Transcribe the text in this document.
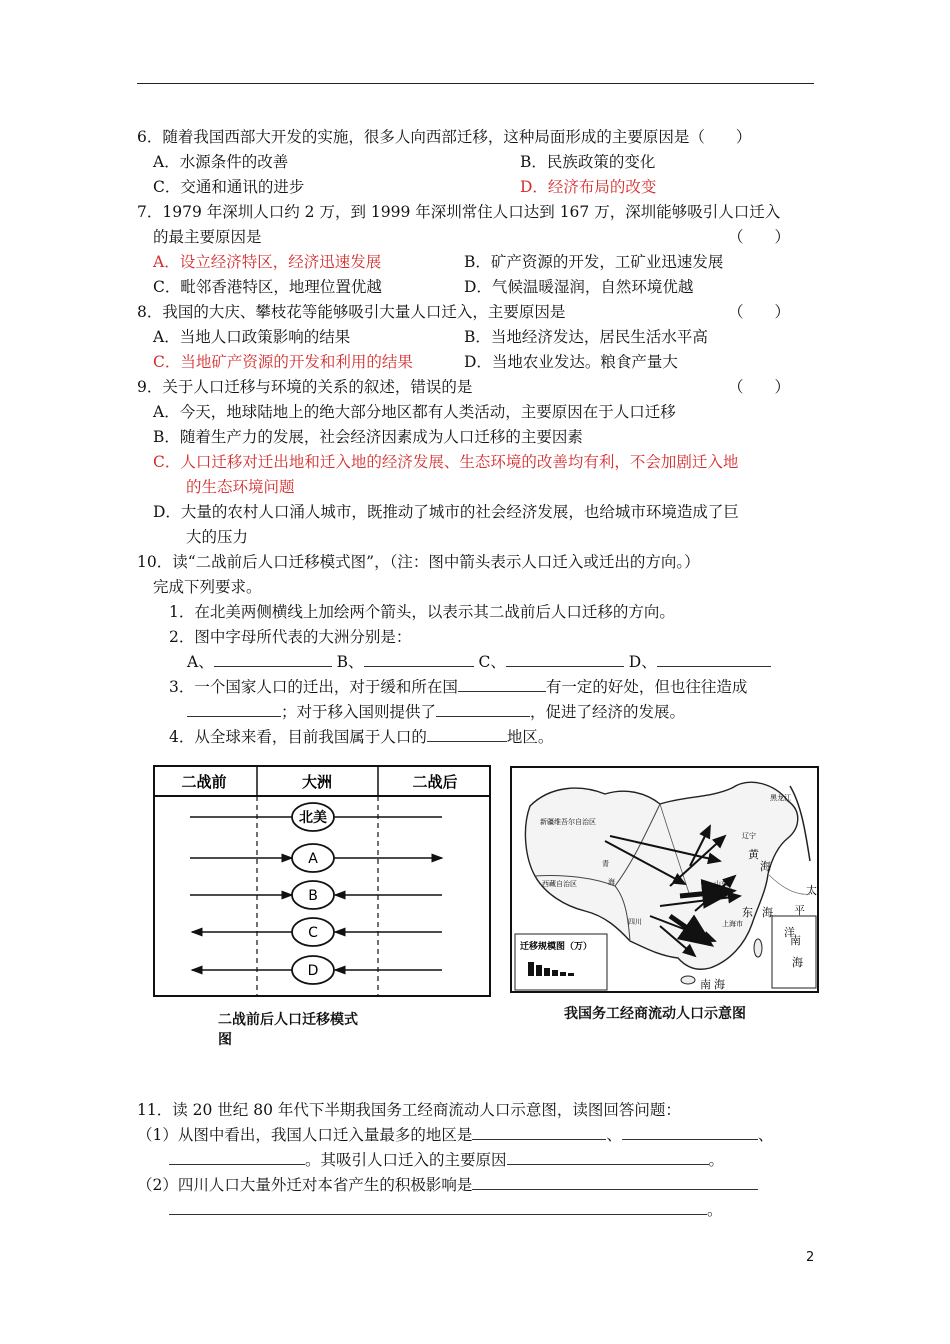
6．随着我国西部大开发的实施，很多人向西部迁移，这种局面形成的主要原因是（　　）
A．水源条件的改善	B．民族政策的变化
C．交通和通讯的进步	D．经济布局的改变
7．1979 年深圳人口约 2 万，到 1999 年深圳常住人口达到 167 万，深圳能够吸引人口迁入
的最主要原因是	（　　）
A．设立经济特区，经济迅速发展	B．矿产资源的开发，工矿业迅速发展
C．毗邻香港特区，地理位置优越	D．气候温暖湿润，自然环境优越
8．我国的大庆、攀枝花等能够吸引大量人口迁入，主要原因是	（　　）
A．当地人口政策影响的结果	B．当地经济发达，居民生活水平高
C．当地矿产资源的开发和利用的结果	D．当地农业发达。粮食产量大
9．关于人口迁移与环境的关系的叙述，错误的是	（　　）
A．今天，地球陆地上的绝大部分地区都有人类活动，主要原因在于人口迁移
B．随着生产力的发展，社会经济因素成为人口迁移的主要因素
C．人口迁移对迁出地和迁入地的经济发展、生态环境的改善均有利，不会加剧迁入地
的生态环境问题
D．大量的农村人口涌人城市，既推动了城市的社会经济发展，也给城市环境造成了巨
大的压力
10．读“二战前后人口迁移模式图”，（注：图中箭头表示人口迁入或迁出的方向。）
完成下列要求。
1．在北美两侧横线上加绘两个箭头，以表示其二战前后人口迁移的方向。
2．图中字母所代表的大洲分别是：
A、	B、	C、	D、
3．一个国家人口的迁出，对于缓和所在国	有一定的好处，但也往往造成
；对于移入国则提供了	，促进了经济的发展。
4．从全球来看，目前我国属于人口的	地区。
二战前	大洲	二战后
北美
A
B
C
D
二战前后人口迁移模式
图
迁移规模图（万）
新疆维吾尔自治区
西藏自治区
青
海
四川
黑龙江
辽宁
上海市
山东
黄
海
东 海
太
平
洋
南
海
南 海
我国务工经商流动人口示意图
11．读 20 世纪 80 年代下半期我国务工经商流动人口示意图，读图回答问题：
（1）从图中看出，我国人口迁入量最多的地区是	、	、
。其吸引人口迁入的主要原因	。
（2）四川人口大量外迁对本省产生的积极影响是
。
2
